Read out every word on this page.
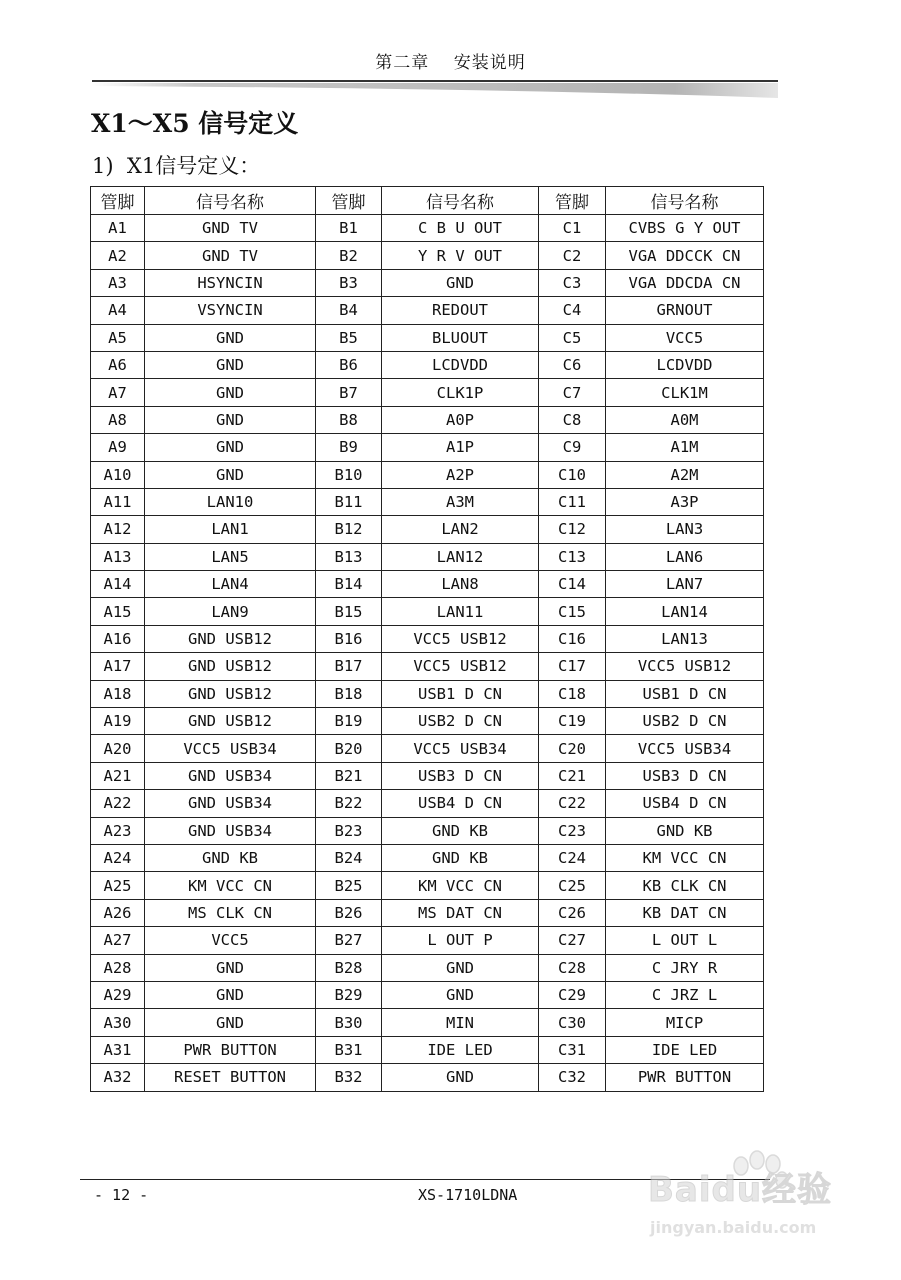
第二章 安装说明
X1～X5 信号定义
1)  X1信号定义：
管脚	信号名称	管脚	信号名称	管脚	信号名称
A1	GND TV	B1	C B U OUT	C1	CVBS G Y OUT
A2	GND TV	B2	Y R V OUT	C2	VGA DDCCK CN
A3	HSYNCIN	B3	GND	C3	VGA DDCDA CN
A4	VSYNCIN	B4	REDOUT	C4	GRNOUT
A5	GND	B5	BLUOUT	C5	VCC5
A6	GND	B6	LCDVDD	C6	LCDVDD
A7	GND	B7	CLK1P	C7	CLK1M
A8	GND	B8	A0P	C8	A0M
A9	GND	B9	A1P	C9	A1M
A10	GND	B10	A2P	C10	A2M
A11	LAN10	B11	A3M	C11	A3P
A12	LAN1	B12	LAN2	C12	LAN3
A13	LAN5	B13	LAN12	C13	LAN6
A14	LAN4	B14	LAN8	C14	LAN7
A15	LAN9	B15	LAN11	C15	LAN14
A16	GND USB12	B16	VCC5 USB12	C16	LAN13
A17	GND USB12	B17	VCC5 USB12	C17	VCC5 USB12
A18	GND USB12	B18	USB1 D CN	C18	USB1 D CN
A19	GND USB12	B19	USB2 D CN	C19	USB2 D CN
A20	VCC5 USB34	B20	VCC5 USB34	C20	VCC5 USB34
A21	GND USB34	B21	USB3 D CN	C21	USB3 D CN
A22	GND USB34	B22	USB4 D CN	C22	USB4 D CN
A23	GND USB34	B23	GND KB	C23	GND KB
A24	GND KB	B24	GND KB	C24	KM VCC CN
A25	KM VCC CN	B25	KM VCC CN	C25	KB CLK CN
A26	MS CLK CN	B26	MS DAT CN	C26	KB DAT CN
A27	VCC5	B27	L OUT P	C27	L OUT L
A28	GND	B28	GND	C28	C JRY R
A29	GND	B29	GND	C29	C JRZ L
A30	GND	B30	MIN	C30	MICP
A31	PWR BUTTON	B31	IDE LED	C31	IDE LED
A32	RESET BUTTON	B32	GND	C32	PWR BUTTON
- 12 -	XS-1710LDNA	Baidu经验
jingyan.baidu.com
